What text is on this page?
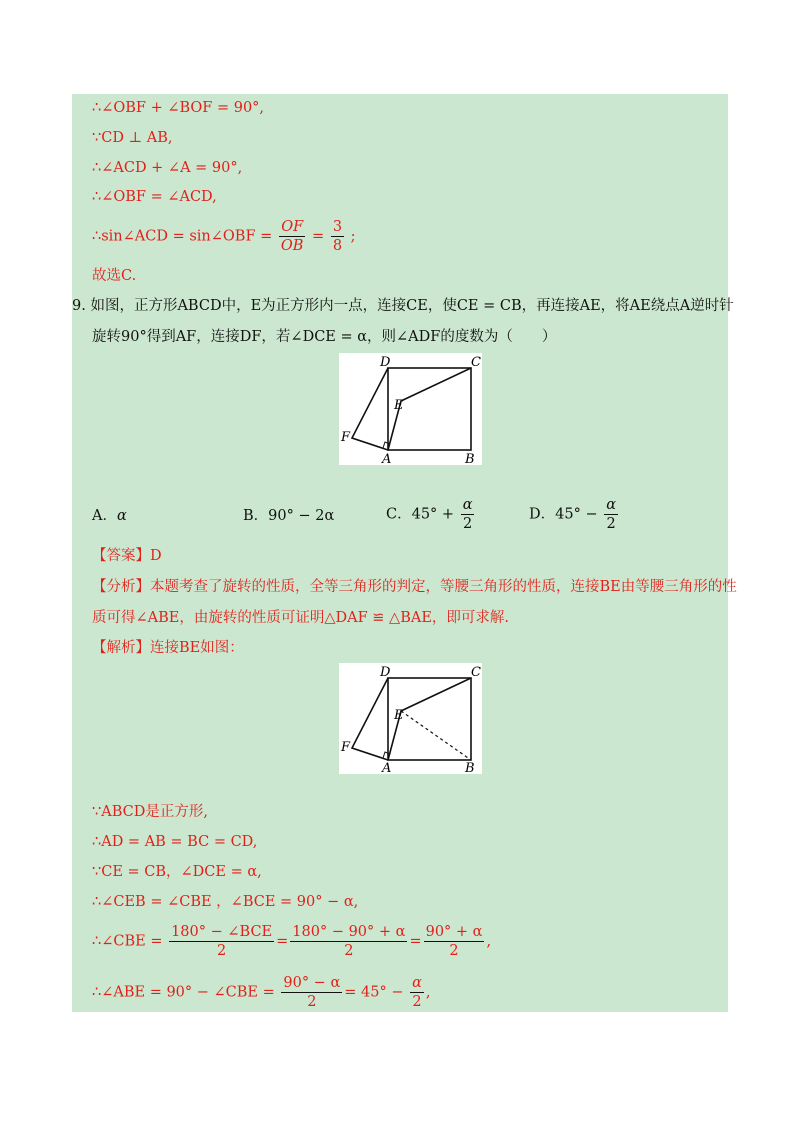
∴∠OBF + ∠BOF = 90°,
∵CD ⊥ AB,
∴∠ACD + ∠A = 90°,
∴∠OBF = ∠ACD,
∴sin∠ACD = sin∠OBF = $\frac{OF}{OB} = \frac{3}{8}$ ;
故选C.
9. 如图，正方形ABCD中，E为正方形内一点，连接CE，使CE = CB，再连接AE，将AE绕点A逆时针
旋转90°得到AF，连接DF，若∠DCE = α，则∠ADF的度数为（　　）
D	C
E
F
A	B
A．α	B．90° − 2α	C．$45^\circ + \frac{\alpha}{2}$	D．$45^\circ - \frac{\alpha}{2}$
【答案】D
【分析】本题考查了旋转的性质，全等三角形的判定，等腰三角形的性质，连接BE由等腰三角形的性
质可得∠ABE，由旋转的性质可证明△DAF ≌ △BAE，即可求解.
【解析】连接BE如图：
D	C
E
F
A	B
∵ABCD是正方形,
∴AD = AB = BC = CD,
∵CE = CB，∠DCE = α,
∴∠CEB = ∠CBE ，∠BCE = 90° − α,
∴∠CBE = $\frac{\text{180° − ∠BCE}}{2} = \frac{180^\circ - 90^\circ + \alpha}{2} = \frac{90^\circ + \alpha}{2}$ ,
∴∠ABE = 90° − ∠CBE = $\frac{90^\circ - \alpha}{2} = 45^\circ - \frac{\alpha}{2}$ ,
